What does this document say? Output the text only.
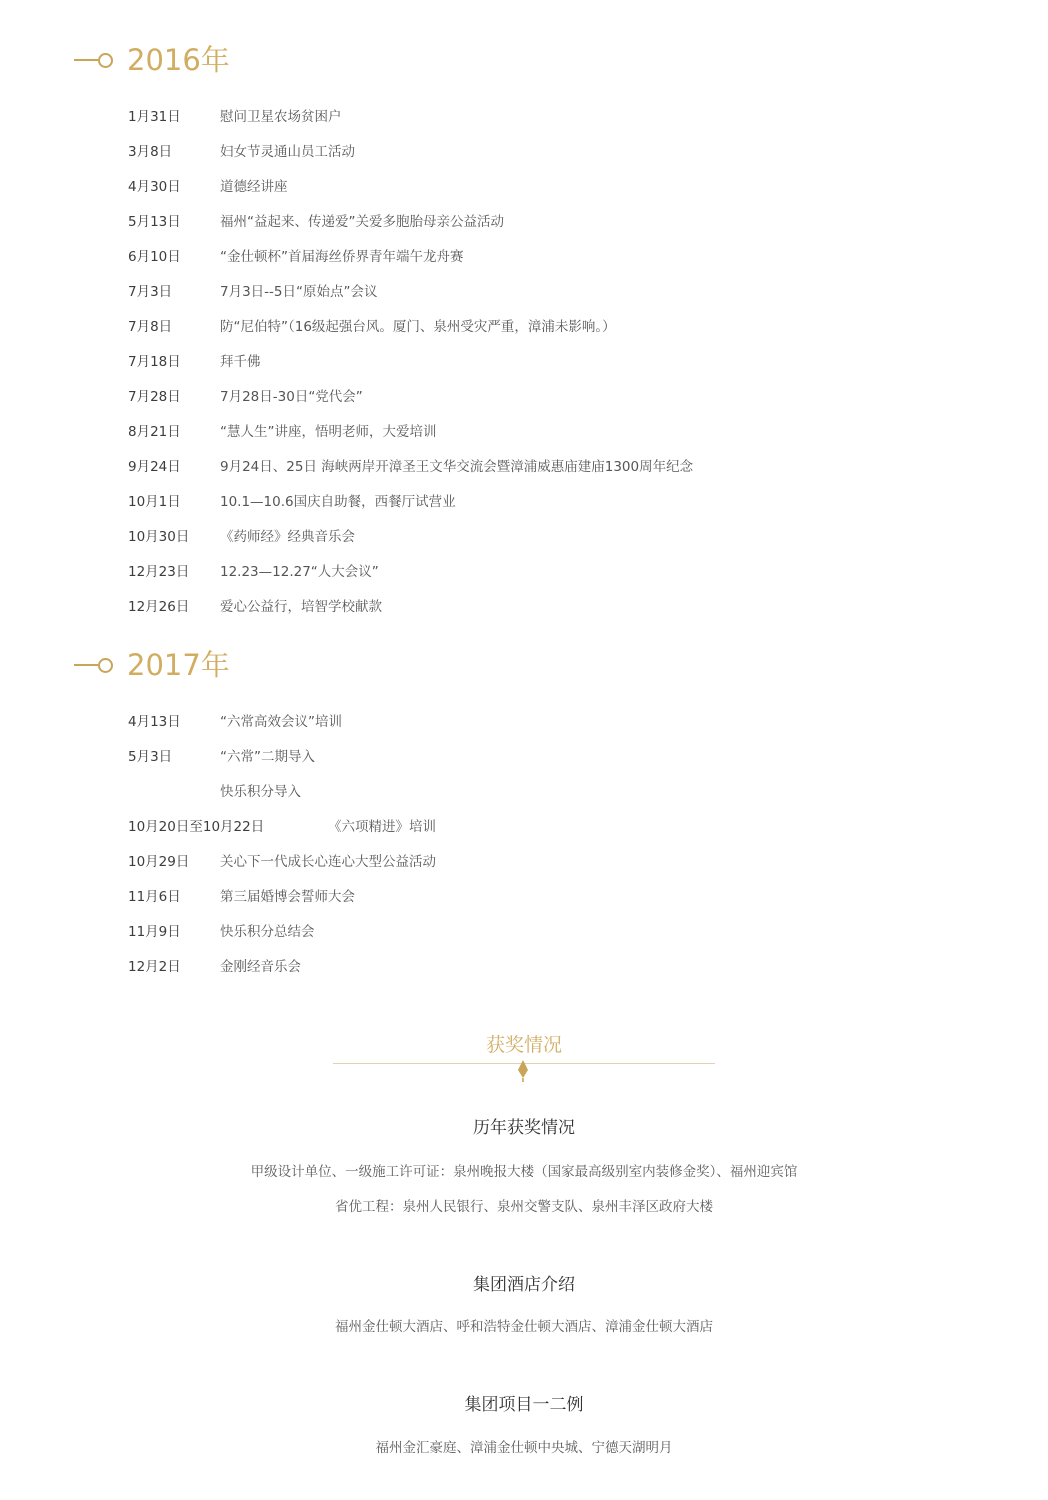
2016年
1月31日	慰问卫星农场贫困户
3月8日	妇女节灵通山员工活动
4月30日	道德经讲座
5月13日	福州“益起来、传递爱”关爱多胞胎母亲公益活动
6月10日	“金仕顿杯”首届海丝侨界青年端午龙舟赛
7月3日	7月3日--5日“原始点”会议
7月8日	防“尼伯特”（16级起强台风。厦门、泉州受灾严重，漳浦未影响。）
7月18日	拜千佛
7月28日	7月28日-30日“党代会”
8月21日	“慧人生”讲座，悟明老师，大爱培训
9月24日	9月24日、25日 海峡两岸开漳圣王文华交流会暨漳浦威惠庙建庙1300周年纪念
10月1日	10.1—10.6国庆自助餐，西餐厅试营业
10月30日 《药师经》经典音乐会
12月23日 12.23—12.27“人大会议”
12月26日 爱心公益行，培智学校献款
2017年
4月13日	“六常高效会议”培训
5月3日	“六常”二期导入
快乐积分导入
10月20日至10月22日	《六项精进》培训
10月29日 关心下一代成长心连心大型公益活动
11月6日	第三届婚博会誓师大会
11月9日	快乐积分总结会
12月2日	金刚经音乐会
获奖情况
历年获奖情况
甲级设计单位、一级施工许可证：泉州晚报大楼（国家最高级别室内装修金奖）、福州迎宾馆
省优工程：泉州人民银行、泉州交警支队、泉州丰泽区政府大楼
集团酒店介绍
福州金仕顿大酒店、呼和浩特金仕顿大酒店、漳浦金仕顿大酒店
集团项目一二例
福州金汇豪庭、漳浦金仕顿中央城、宁德天湖明月
